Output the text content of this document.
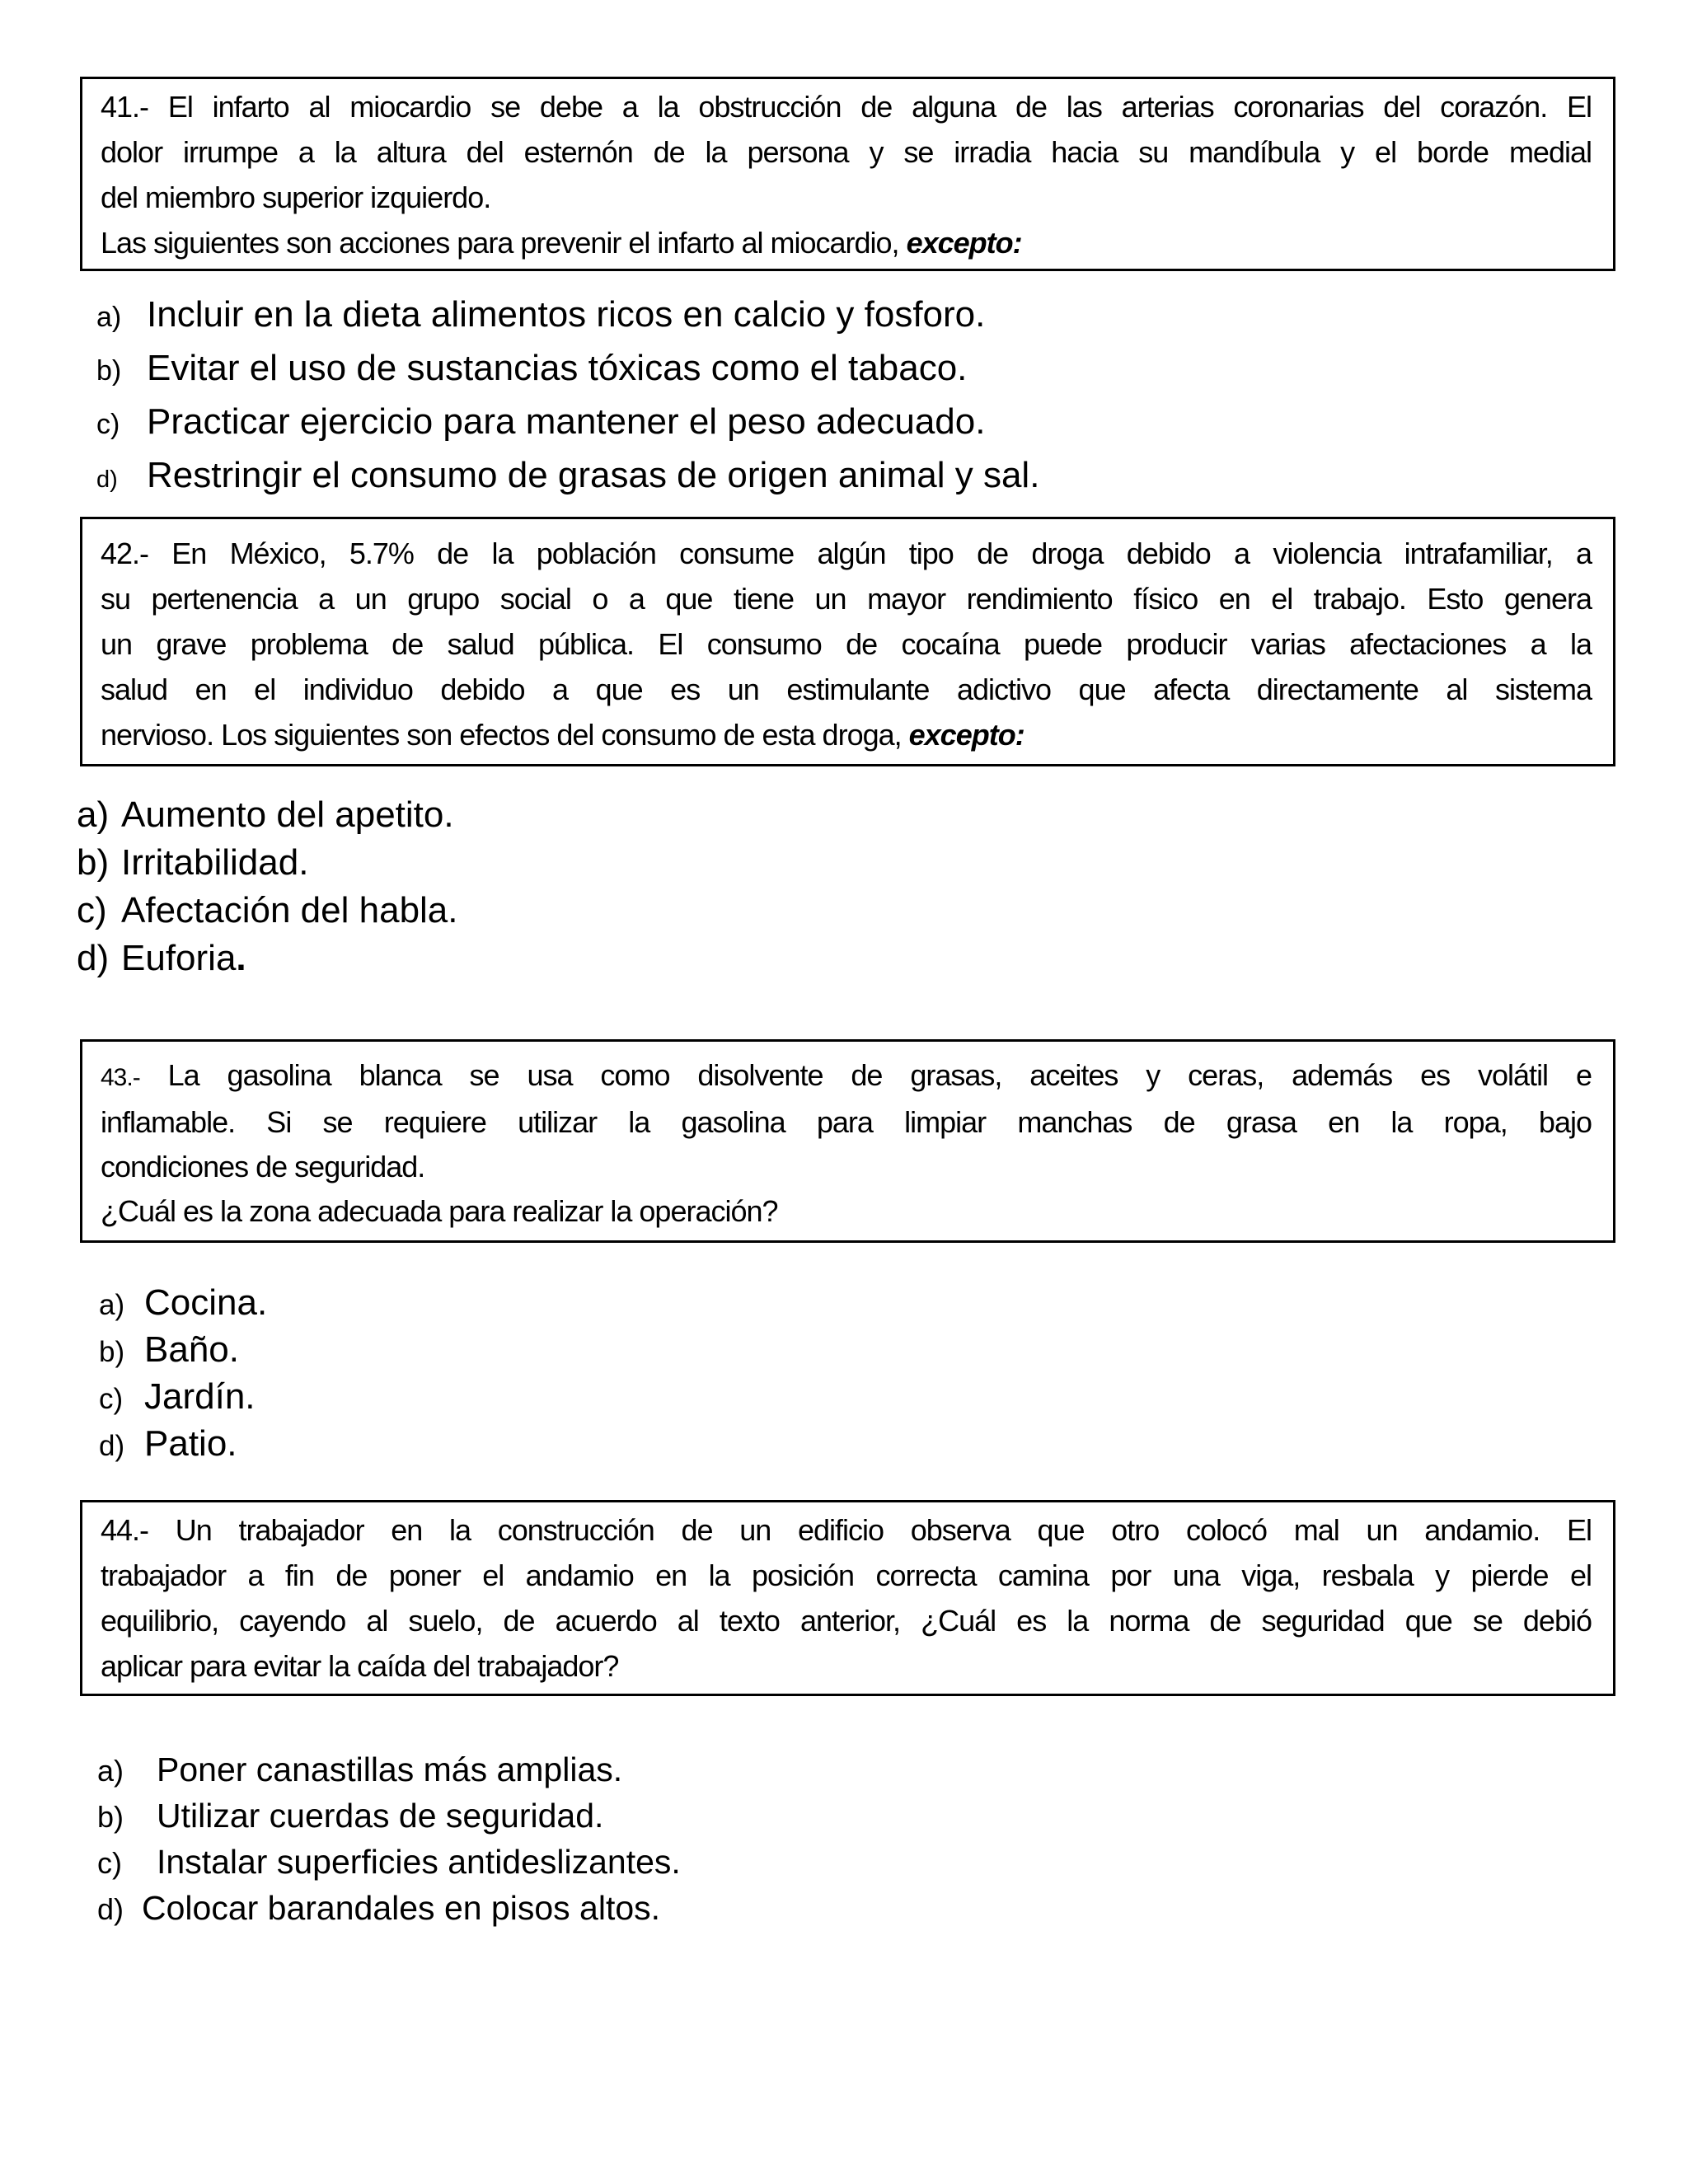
41.- El infarto al miocardio se debe a la obstrucción de alguna de las arterias coronarias del corazón. El
dolor irrumpe a la altura del esternón de la persona y se irradia hacia su mandíbula y el borde medial
del miembro superior izquierdo.
Las siguientes son acciones para prevenir el infarto al miocardio, excepto:
a) Incluir en la dieta alimentos ricos en calcio y fosforo.
b) Evitar el uso de sustancias tóxicas como el tabaco.
c) Practicar ejercicio para mantener el peso adecuado.
d) Restringir el consumo de grasas de origen animal y sal.
42.- En México, 5.7% de la población consume algún tipo de droga debido a violencia intrafamiliar, a
su pertenencia a un grupo social o a que tiene un mayor rendimiento físico en el trabajo. Esto genera
un grave problema de salud pública. El consumo de cocaína puede producir varias afectaciones a la
salud en el individuo debido a que es un estimulante adictivo que afecta directamente al sistema
nervioso. Los siguientes son efectos del consumo de esta droga, excepto:
a) Aumento del apetito.
b) Irritabilidad.
c) Afectación del habla.
d) Euforia.
43.- La gasolina blanca se usa como disolvente de grasas, aceites y ceras, además es volátil e
inflamable. Si se requiere utilizar la gasolina para limpiar manchas de grasa en la ropa, bajo
condiciones de seguridad.
¿Cuál es la zona adecuada para realizar la operación?
a) Cocina.
b) Baño.
c) Jardín.
d) Patio.
44.- Un trabajador en la construcción de un edificio observa que otro colocó mal un andamio. El
trabajador a fin de poner el andamio en la posición correcta camina por una viga, resbala y pierde el
equilibrio, cayendo al suelo, de acuerdo al texto anterior, ¿Cuál es la norma de seguridad que se debió
aplicar para evitar la caída del trabajador?
a) Poner canastillas más amplias.
b) Utilizar cuerdas de seguridad.
c) Instalar superficies antideslizantes.
d) Colocar barandales en pisos altos.
